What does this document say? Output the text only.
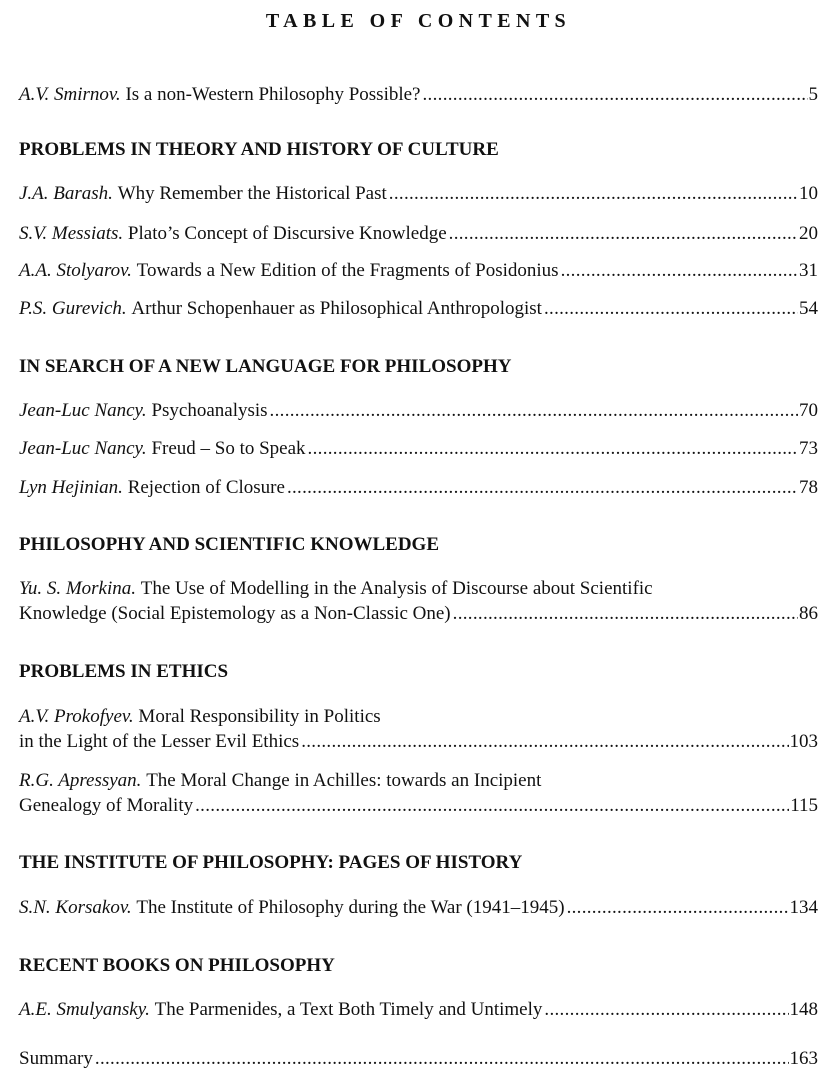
TABLE OF CONTENTS
A.V. Smirnov.
Is a non-Western Philosophy Possible? .....	5
PROBLEMS IN THEORY AND HISTORY OF CULTURE
J.A. Barash.
Why Remember the Historical Past .....	10
S.V. Messiats.
Plato’s Concept of Discursive Knowledge .....	20
A.A. Stolyarov.
Towards a New Edition of the Fragments of Posidonius .....	31
P.S. Gurevich.
Arthur Schopenhauer as Philosophical Anthropologist .....	54
IN SEARCH OF A NEW LANGUAGE FOR PHILOSOPHY
Jean-Luc Nancy.
Psychoanalysis .....	70
Jean-Luc Nancy.
Freud – So to Speak .....	73
Lyn Hejinian.
Rejection of Closure .....	78
PHILOSOPHY AND SCIENTIFIC KNOWLEDGE
Yu. S. Morkina.
The Use of Modelling in the Analysis of Discourse about Scientific
Knowledge (Social Epistemology as a Non-Classic One) .....	86
PROBLEMS IN ETHICS
A.V. Prokofyev.
Moral Responsibility in Politics
in the Light of the Lesser Evil Ethics .....	103
R.G. Apressyan.
The Moral Change in Achilles: towards an Incipient
Genealogy of Morality .....	115
THE INSTITUTE OF PHILOSOPHY: PAGES OF HISTORY
S.N. Korsakov.
The Institute of Philosophy during the War (1941–1945) .....	134
RECENT BOOKS ON PHILOSOPHY
A.E. Smulyansky.
The Parmenides, a Text Both Timely and Untimely .....	148
Summary .....	163
